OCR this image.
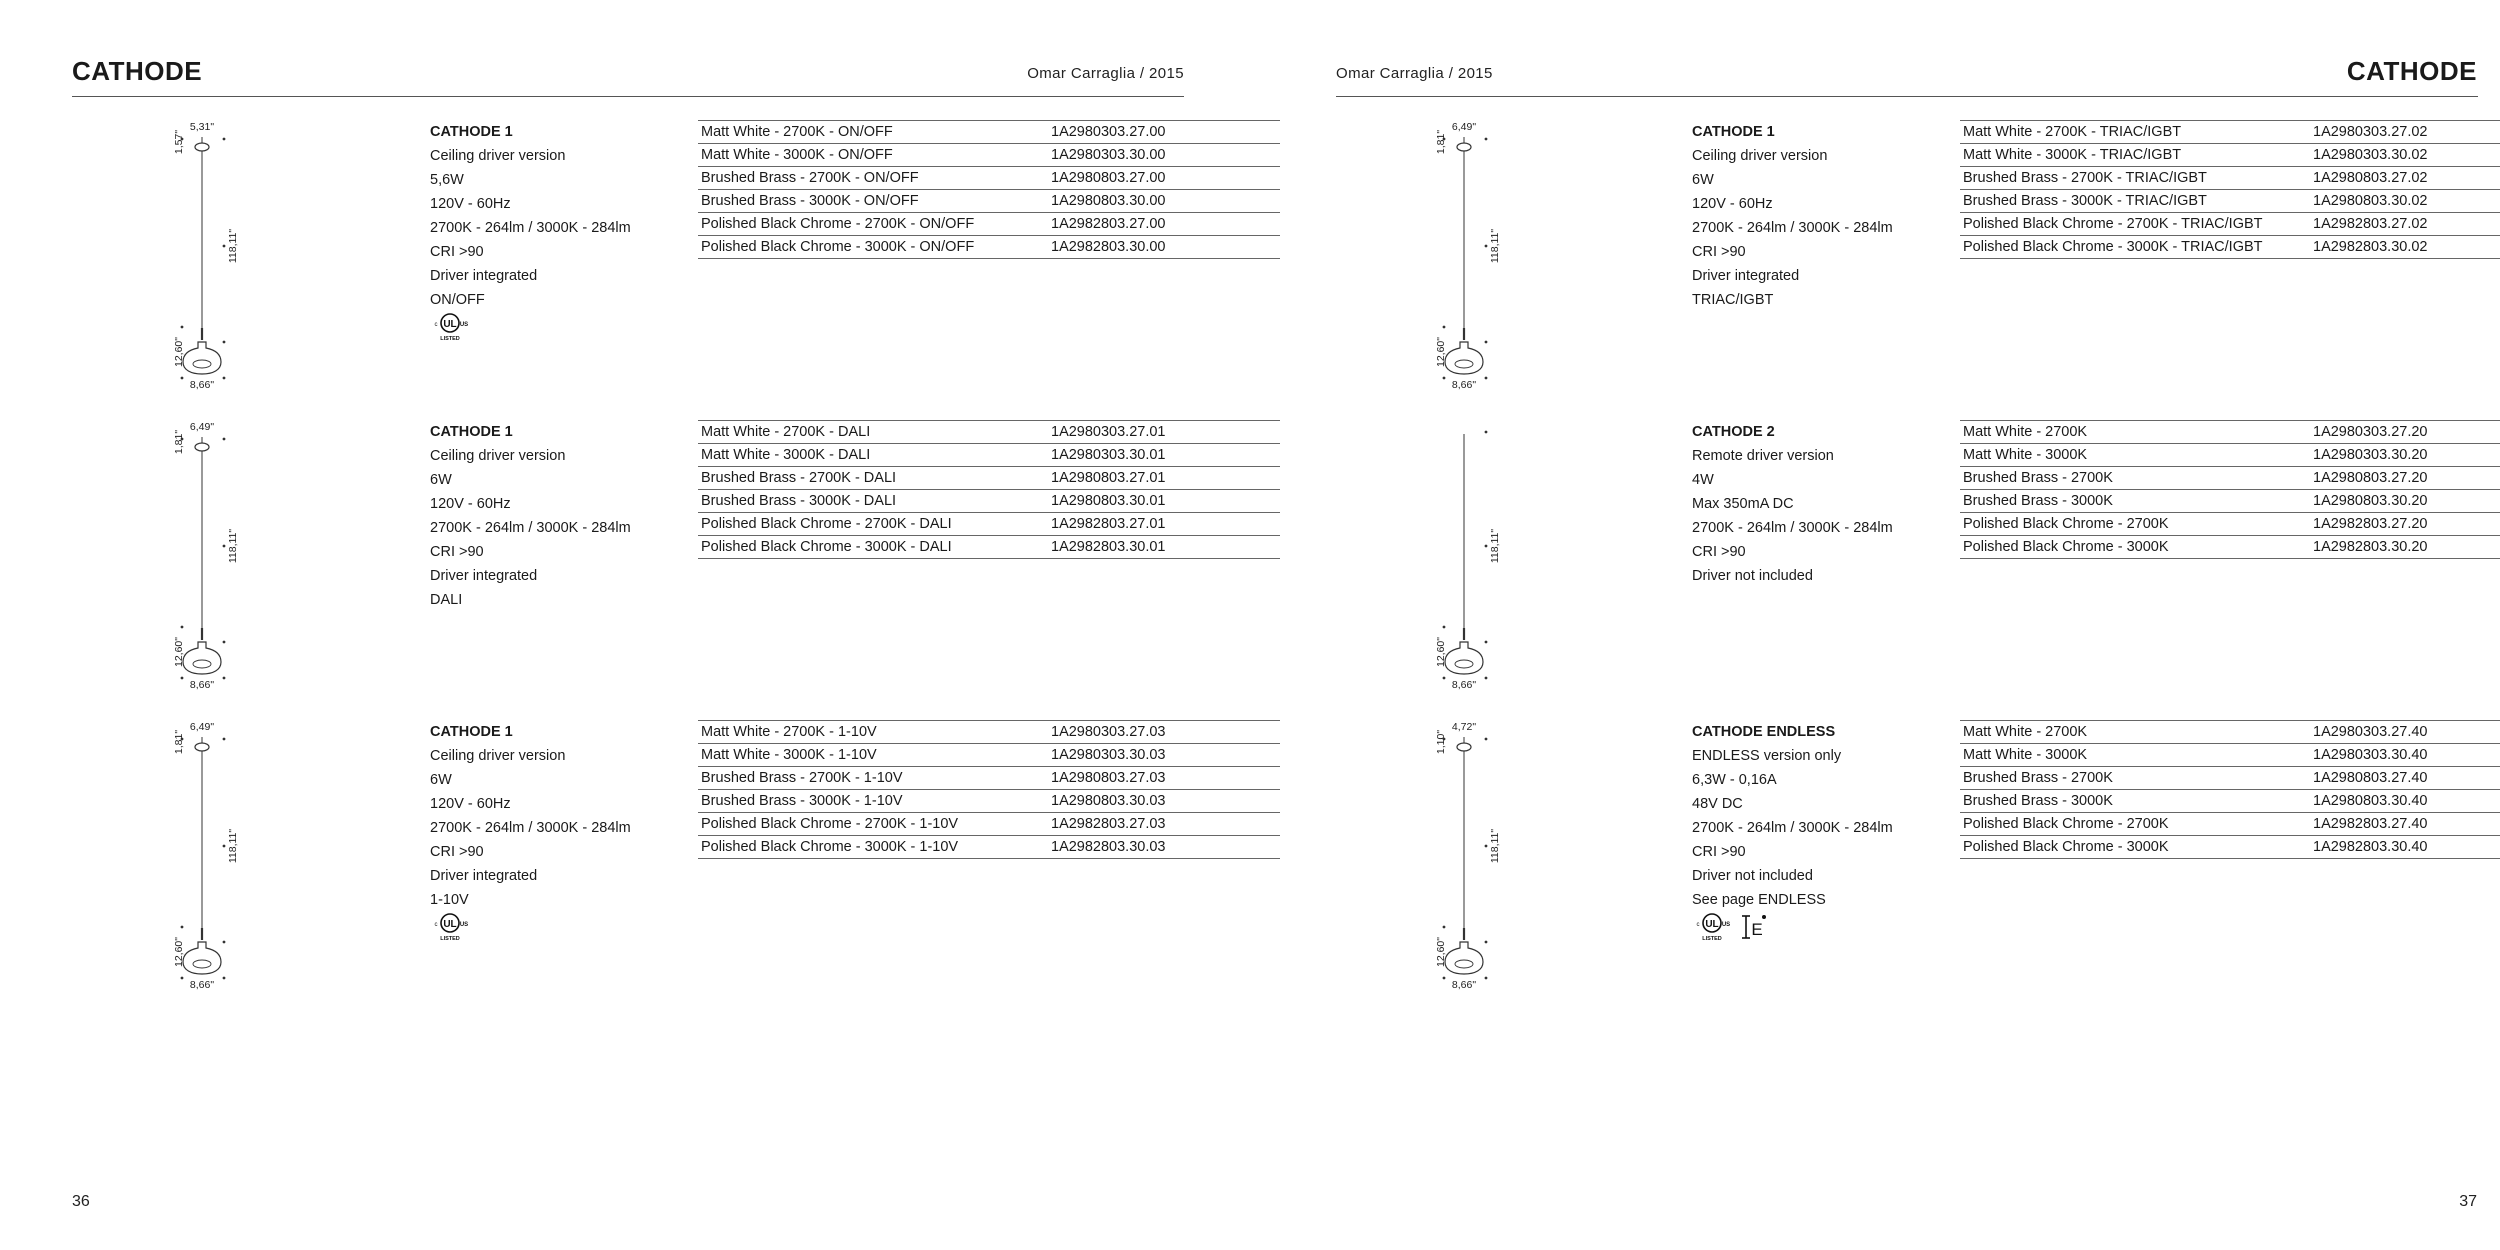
CATHODE	Omar Carraglia / 2015
5,31"
1,57"
118,11"
12,60"
8,66"
CATHODE 1
Ceiling driver version
5,6W
120V - 60Hz
2700K - 264lm / 3000K - 284lm
CRI >90
Driver integrated
ON/OFF
UL
c	US
LISTED
Matt White - 2700K - ON/OFF	1A2980303.27.00
Matt White - 3000K - ON/OFF	1A2980303.30.00
Brushed Brass - 2700K - ON/OFF	1A2980803.27.00
Brushed Brass - 3000K - ON/OFF	1A2980803.30.00
Polished Black Chrome - 2700K - ON/OFF	1A2982803.27.00
Polished Black Chrome - 3000K - ON/OFF	1A2982803.30.00
6,49"
1,81"
118,11"
12,60"
8,66"
CATHODE 1
Ceiling driver version
6W
120V - 60Hz
2700K - 264lm / 3000K - 284lm
CRI >90
Driver integrated
DALI
Matt White - 2700K - DALI	1A2980303.27.01
Matt White - 3000K - DALI	1A2980303.30.01
Brushed Brass - 2700K - DALI	1A2980803.27.01
Brushed Brass - 3000K - DALI	1A2980803.30.01
Polished Black Chrome - 2700K - DALI	1A2982803.27.01
Polished Black Chrome - 3000K - DALI	1A2982803.30.01
6,49"
1,81"
118,11"
12,60"
8,66"
CATHODE 1
Ceiling driver version
6W
120V - 60Hz
2700K - 264lm / 3000K - 284lm
CRI >90
Driver integrated
1-10V
UL
c	US
LISTED
Matt White - 2700K - 1-10V	1A2980303.27.03
Matt White - 3000K - 1-10V	1A2980303.30.03
Brushed Brass - 2700K - 1-10V	1A2980803.27.03
Brushed Brass - 3000K - 1-10V	1A2980803.30.03
Polished Black Chrome - 2700K - 1-10V	1A2982803.27.03
Polished Black Chrome - 3000K - 1-10V	1A2982803.30.03
36
CATHODE
Omar Carraglia / 2015
6,49"
1,81"
118,11"
12,60"
8,66"
CATHODE 1
Ceiling driver version
6W
120V - 60Hz
2700K - 264lm / 3000K - 284lm
CRI >90
Driver integrated
TRIAC/IGBT
Matt White - 2700K - TRIAC/IGBT	1A2980303.27.02
Matt White - 3000K - TRIAC/IGBT	1A2980303.30.02
Brushed Brass - 2700K - TRIAC/IGBT	1A2980803.27.02
Brushed Brass - 3000K - TRIAC/IGBT	1A2980803.30.02
Polished Black Chrome - 2700K - TRIAC/IGBT	1A2982803.27.02
Polished Black Chrome - 3000K - TRIAC/IGBT	1A2982803.30.02
118,11"
12,60"
8,66"
CATHODE 2
Remote driver version
4W
Max 350mA DC
2700K - 264lm / 3000K - 284lm
CRI >90
Driver not included
Matt White - 2700K	1A2980303.27.20
Matt White - 3000K	1A2980303.30.20
Brushed Brass - 2700K	1A2980803.27.20
Brushed Brass - 3000K	1A2980803.30.20
Polished Black Chrome - 2700K	1A2982803.27.20
Polished Black Chrome - 3000K	1A2982803.30.20
4,72"
1,10"
118,11"
12,60"
8,66"
CATHODE ENDLESS
ENDLESS version only
6,3W - 0,16A
48V DC
2700K - 264lm / 3000K - 284lm
CRI >90
Driver not included
See page ENDLESS
UL
c	US
LISTED E
Matt White - 2700K	1A2980303.27.40
Matt White - 3000K	1A2980303.30.40
Brushed Brass - 2700K	1A2980803.27.40
Brushed Brass - 3000K	1A2980803.30.40
Polished Black Chrome - 2700K	1A2982803.27.40
Polished Black Chrome - 3000K	1A2982803.30.40
37
